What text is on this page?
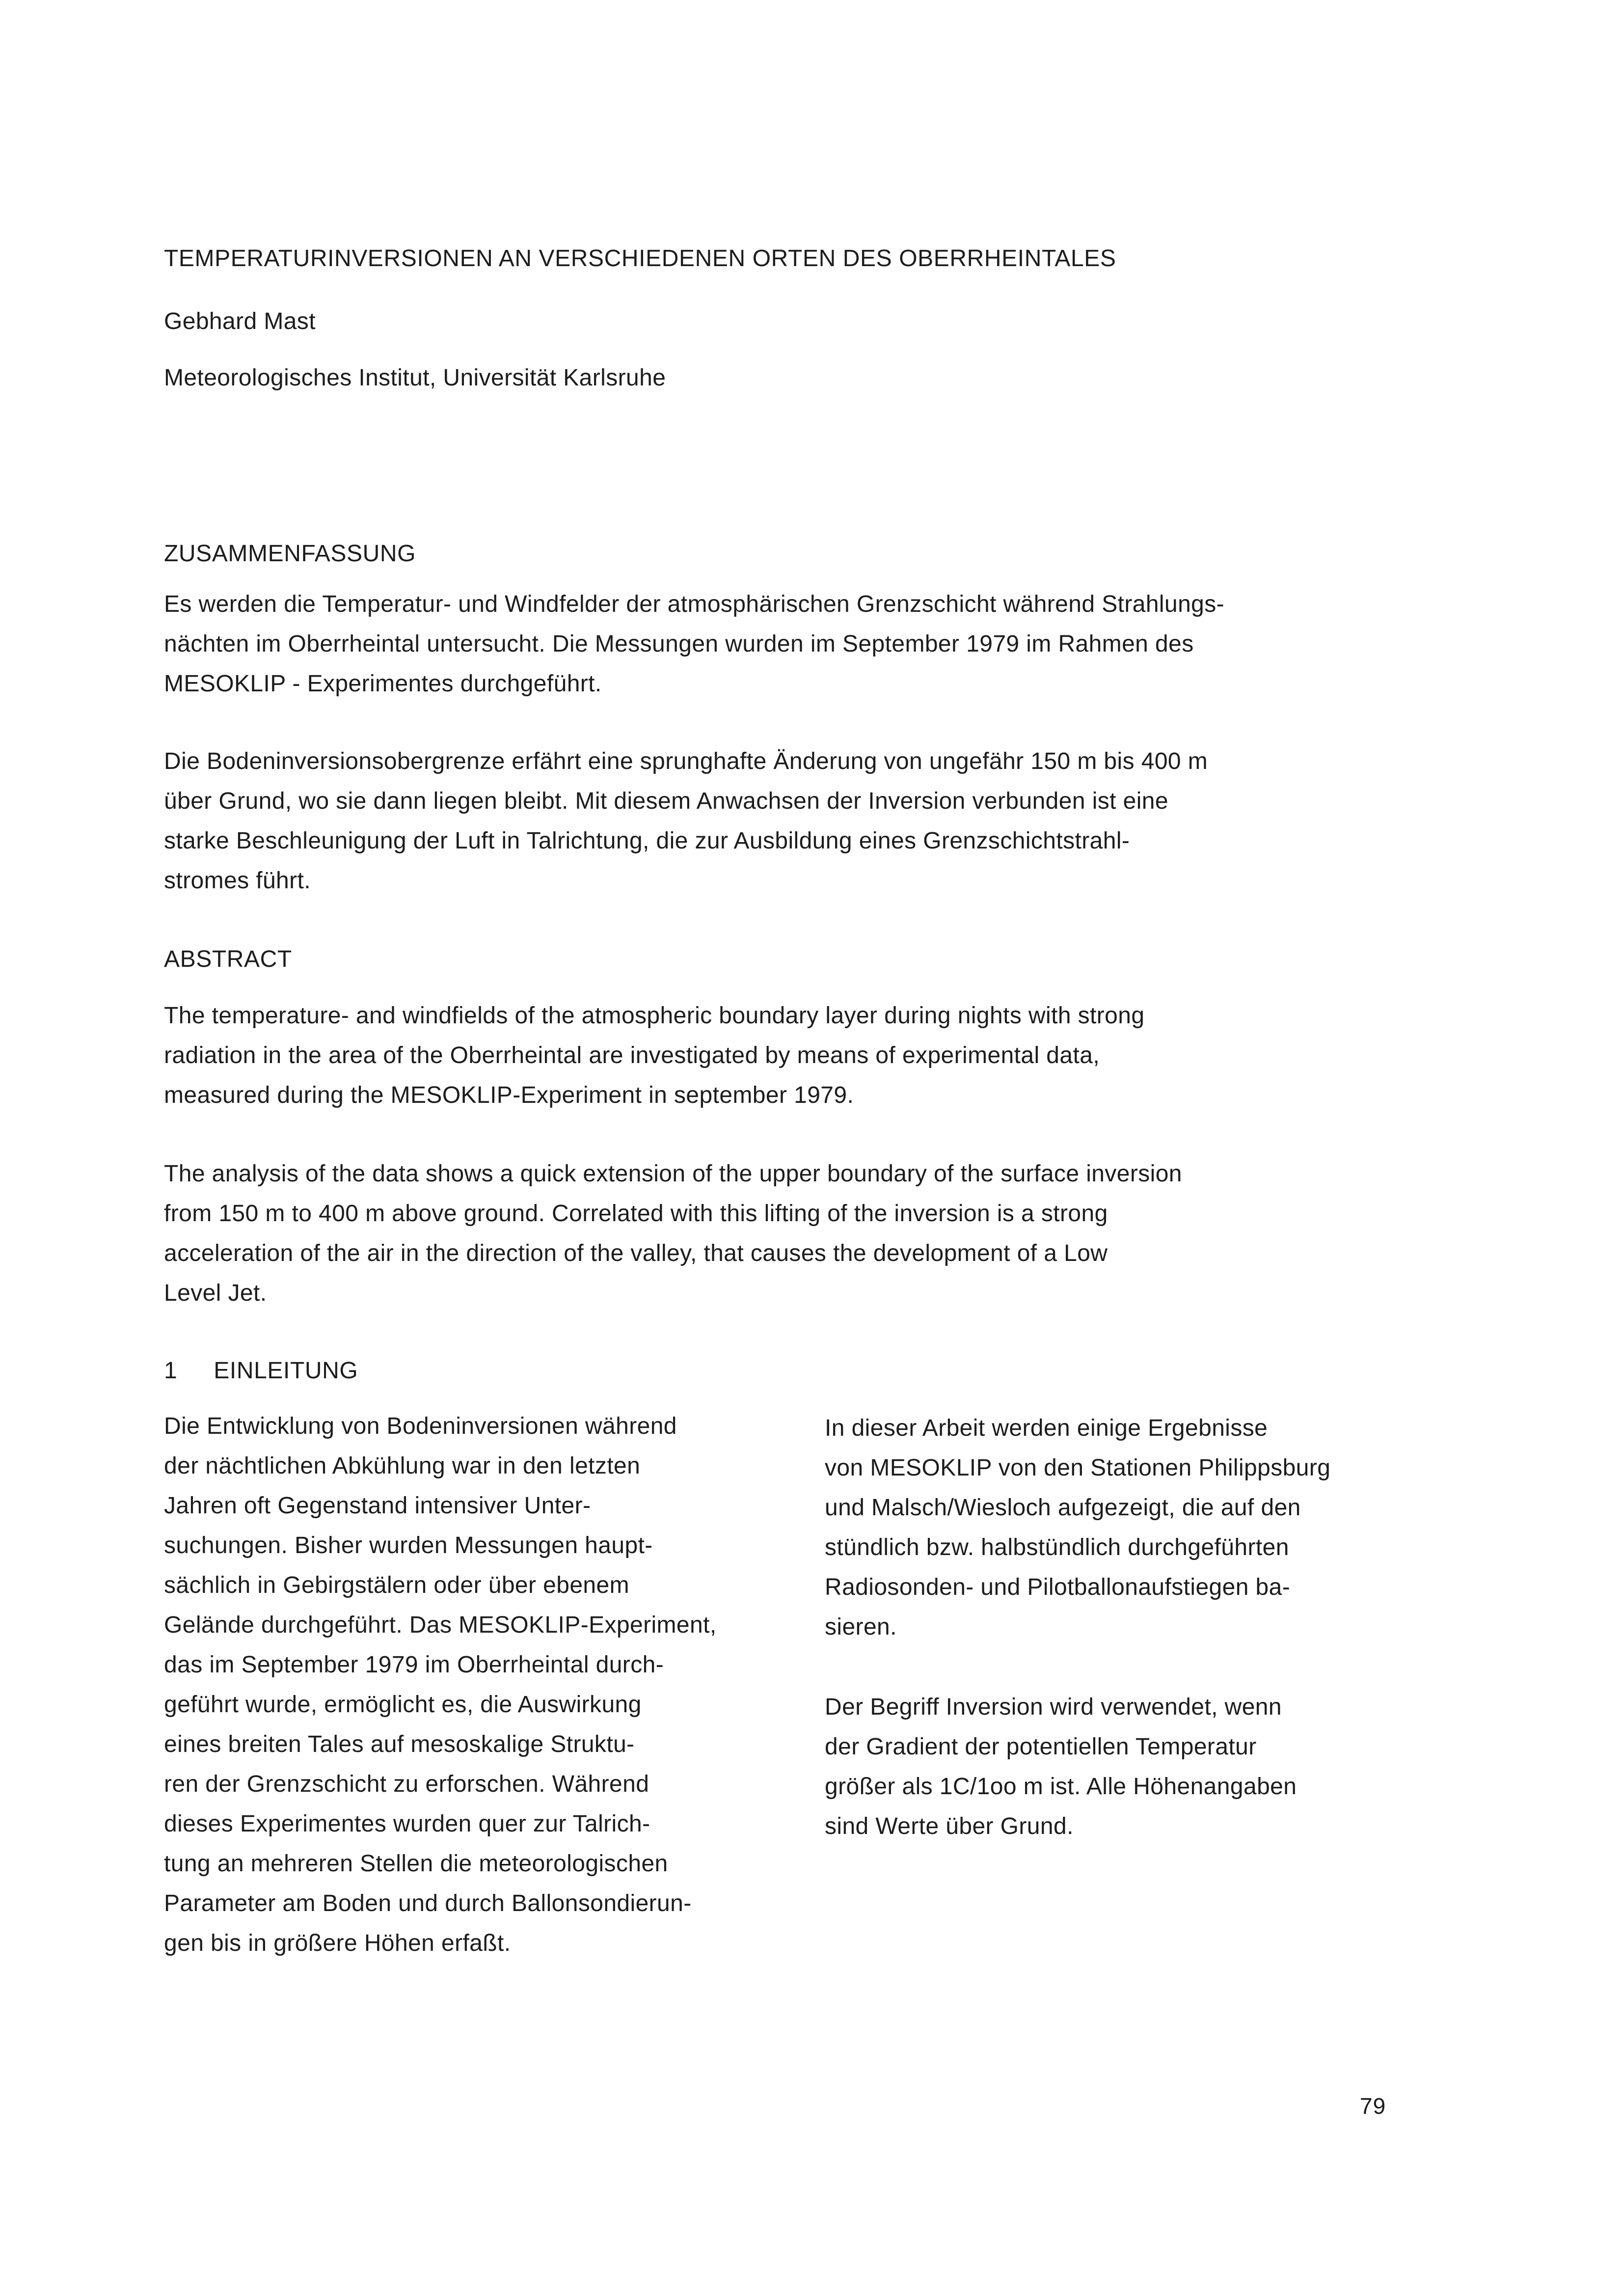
TEMPERATURINVERSIONEN AN VERSCHIEDENEN ORTEN DES OBERRHEINTALES
Gebhard Mast
Meteorologisches Institut, Universität Karlsruhe
ZUSAMMENFASSUNG
Es werden die Temperatur- und Windfelder der atmosphärischen Grenzschicht während Strahlungs-
nächten im Oberrheintal untersucht. Die Messungen wurden im September 1979 im Rahmen des
MESOKLIP - Experimentes durchgeführt.
Die Bodeninversionsobergrenze erfährt eine sprunghafte Änderung von ungefähr 150 m bis 400 m
über Grund, wo sie dann liegen bleibt. Mit diesem Anwachsen der Inversion verbunden ist eine
starke Beschleunigung der Luft in Talrichtung, die zur Ausbildung eines Grenzschichtstrahl-
stromes führt.
ABSTRACT
The temperature- and windfields of the atmospheric boundary layer during nights with strong
radiation in the area of the Oberrheintal are investigated by means of experimental data,
measured during the MESOKLIP-Experiment in september 1979.
The analysis of the data shows a quick extension of the upper boundary of the surface inversion
from 150 m to 400 m above ground. Correlated with this lifting of the inversion is a strong
acceleration of the air in the direction of the valley, that causes the development of a Low
Level Jet.
1 EINLEITUNG
Die Entwicklung von Bodeninversionen während
der nächtlichen Abkühlung war in den letzten
Jahren oft Gegenstand intensiver Unter-
suchungen. Bisher wurden Messungen haupt-
sächlich in Gebirgstälern oder über ebenem
Gelände durchgeführt. Das MESOKLIP-Experiment,
das im September 1979 im Oberrheintal durch-
geführt wurde, ermöglicht es, die Auswirkung
eines breiten Tales auf mesoskalige Struktu-
ren der Grenzschicht zu erforschen. Während
dieses Experimentes wurden quer zur Talrich-
tung an mehreren Stellen die meteorologischen
Parameter am Boden und durch Ballonsondierun-
gen bis in größere Höhen erfaßt.
In dieser Arbeit werden einige Ergebnisse
von MESOKLIP von den Stationen Philippsburg
und Malsch/Wiesloch aufgezeigt, die auf den
stündlich bzw. halbstündlich durchgeführten
Radiosonden- und Pilotballonaufstiegen ba-
sieren.
Der Begriff Inversion wird verwendet, wenn
der Gradient der potentiellen Temperatur
größer als 1C/1oo m ist. Alle Höhenangaben
sind Werte über Grund.
79
